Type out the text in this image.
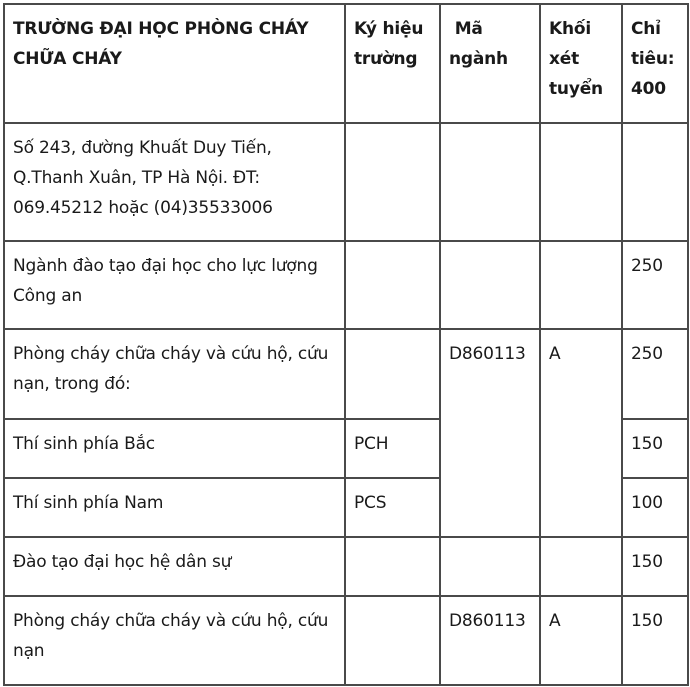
TRƯỜNG ĐẠI HỌC PHÒNG CHÁY CHỮA CHÁY	Ký hiệu trường	Mã ngành	Khối xét tuyển	Chỉ tiêu: 400
Số 243, đường Khuất Duy Tiến, Q.Thanh Xuân, TP Hà Nội. ĐT: 069.45212 hoặc (04)35533006				
Ngành đào tạo đại học cho lực lượng Công an				250
Phòng cháy chữa cháy và cứu hộ, cứu nạn, trong đó:		D860113	A	250
Thí sinh phía Bắc	PCH			150
Thí sinh phía Nam	PCS			100
Đào tạo đại học hệ dân sự				150
Phòng cháy chữa cháy và cứu hộ, cứu nạn		D860113	A	150
